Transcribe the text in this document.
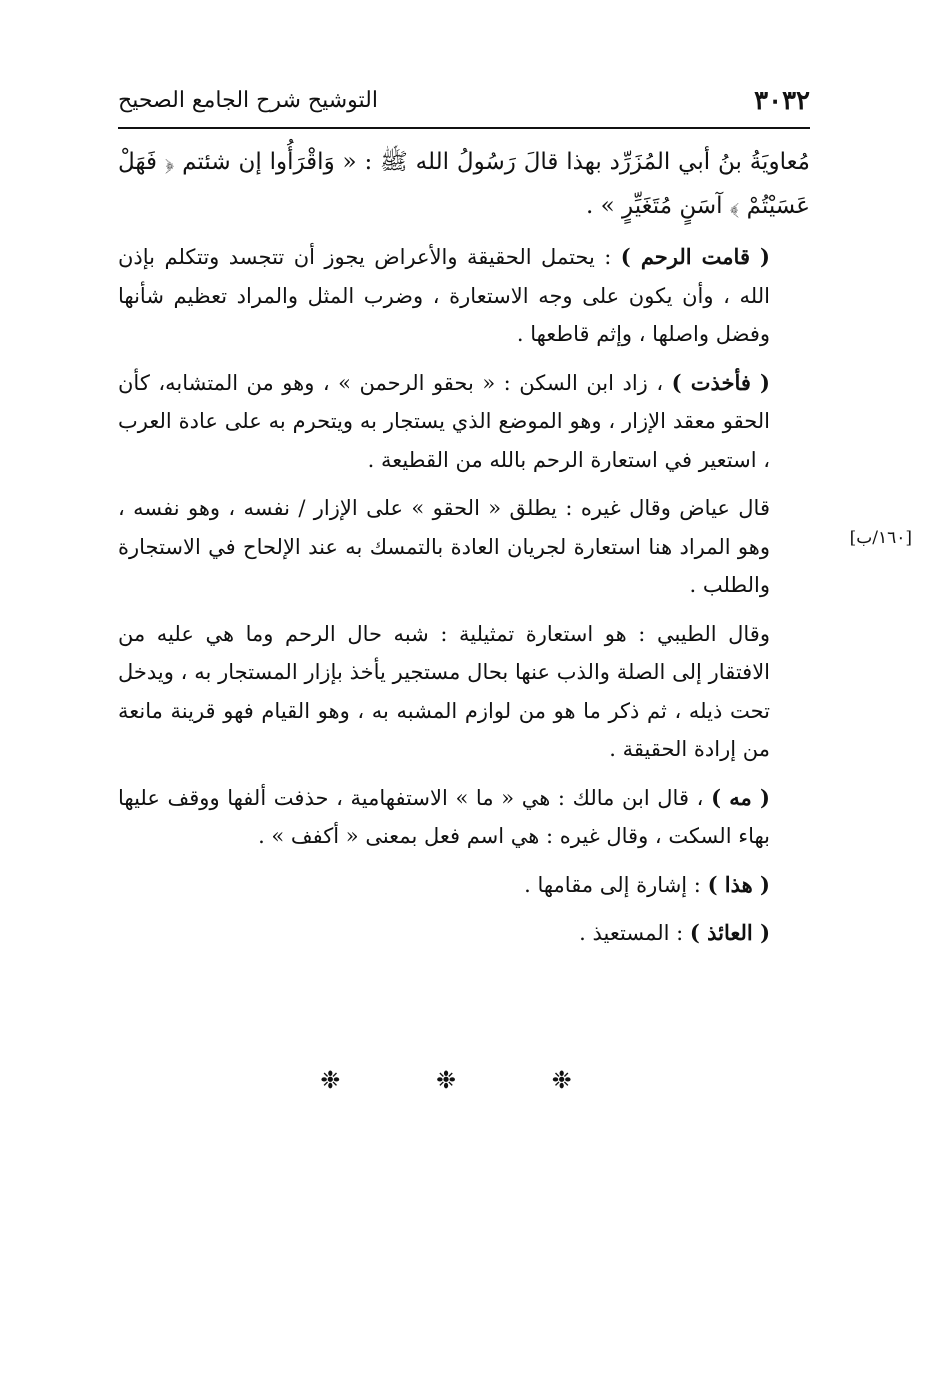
٣٠٣٢
التوشيح شرح الجامع الصحيح

مُعاويَةُ بنُ أبي المُزَرِّد بهذا قالَ رَسُولُ الله ﷺ : « وَاقْرَأُوا إن شئتم ﴿ فَهَلْ عَسَيْتُمْ ﴾ آسَنٍ مُتَغَيِّرٍ » .

( قامت الرحم ) : يحتمل الحقيقة والأعراض يجوز أن تتجسد وتتكلم بإذن الله ، وأن يكون على وجه الاستعارة ، وضرب المثل والمراد تعظيم شأنها وفضل واصلها ، وإثم قاطعها .

( فأخذت ) ، زاد ابن السكن : « بحقو الرحمن » ، وهو من المتشابه، كأن الحقو معقد الإزار ، وهو الموضع الذي يستجار به ويتحرم به على عادة العرب ، استعير في استعارة الرحم بالله من القطيعة .

قال عياض وقال غيره : يطلق « الحقو » على الإزار / نفسه ، وهو نفسه ، وهو المراد هنا استعارة لجريان العادة بالتمسك به عند الإلحاح في الاستجارة والطلب .

وقال الطيبي : هو استعارة تمثيلية : شبه حال الرحم وما هي عليه من الافتقار إلى الصلة والذب عنها بحال مستجير يأخذ بإزار المستجار به ، ويدخل تحت ذيله ، ثم ذكر ما هو من لوازم المشبه به ، وهو القيام فهو قرينة مانعة من إرادة الحقيقة .

( مه ) ، قال ابن مالك : هي « ما » الاستفهامية ، حذفت ألفها ووقف عليها بهاء السكت ، وقال غيره : هي اسم فعل بمعنى « أكفف » .

( هذا ) : إشارة إلى مقامها .

( العائذ ) : المستعيذ .

[١٦٠/ب]
❉ ❉ ❉
